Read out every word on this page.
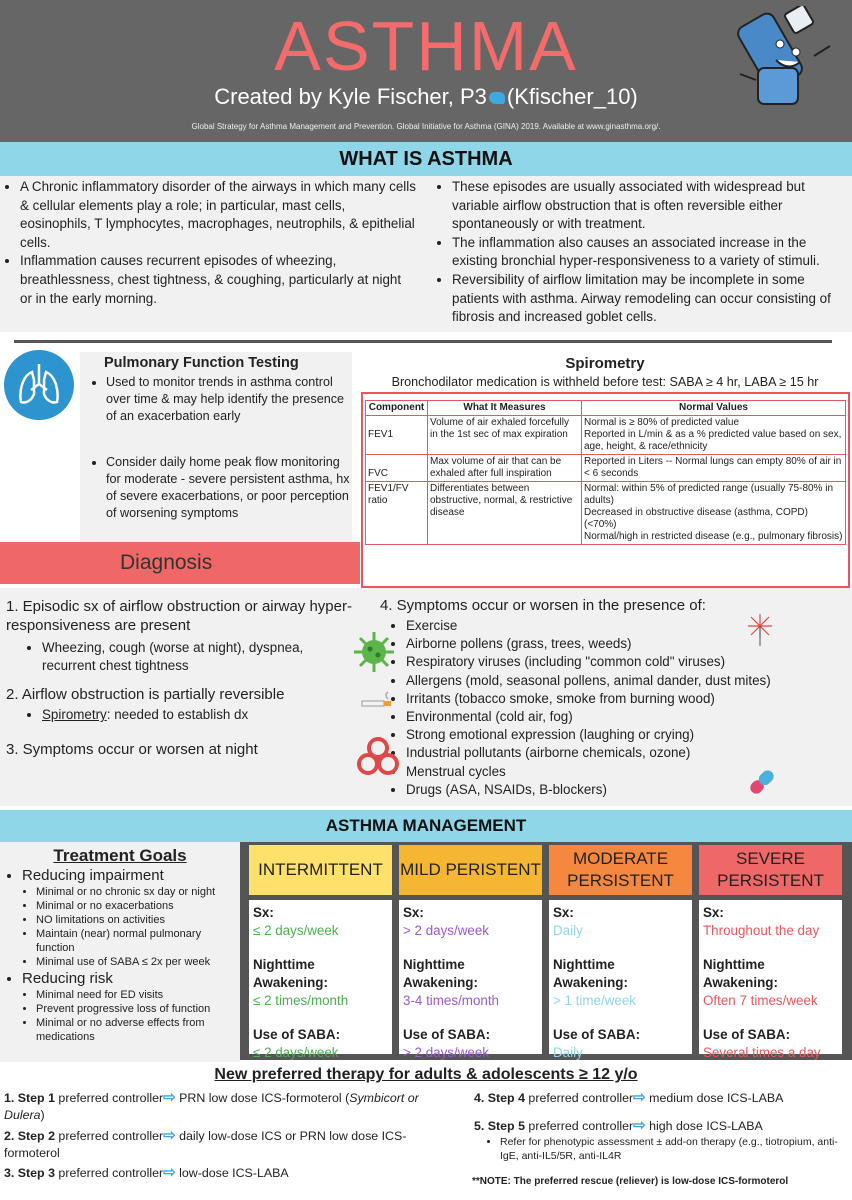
ASTHMA
Created by Kyle Fischer, P3 (Kfischer_10)
Global Strategy for Asthma Management and Prevention. Global Initiative for Asthma (GINA) 2019. Available at www.ginasthma.org/.
WHAT IS ASTHMA
• A Chronic inflammatory disorder of the airways in which many cells & cellular elements play a role; in particular, mast cells, eosinophils, T lymphocytes, macrophages, neutrophils, & epithelial cells.
• Inflammation causes recurrent episodes of wheezing, breathlessness, chest tightness, & coughing, particularly at night or in the early morning.
• These episodes are usually associated with widespread but variable airflow obstruction that is often reversible either spontaneously or with treatment.
• The inflammation also causes an associated increase in the existing bronchial hyper-responsiveness to a variety of stimuli.
• Reversibility of airflow limitation may be incomplete in some patients with asthma. Airway remodeling can occur consisting of fibrosis and increased goblet cells.
Pulmonary Function Testing
• Used to monitor trends in asthma control over time & may help identify the presence of an exacerbation early
• Consider daily home peak flow monitoring for moderate - severe persistent asthma, hx of severe exacerbations, or poor perception of worsening symptoms
Spirometry
Bronchodilator medication is withheld before test: SABA ≥ 4 hr, LABA ≥ 15 hr
Component	What It Measures	Normal Values
FEV1	Volume of air exhaled forcefully in the 1st sec of max expiration	Normal is ≥ 80% of predicted value
Reported in L/min & as a % predicted value based on sex, age, height, & race/ethnicity
FVC	Max volume of air that can be exhaled after full inspiration	Reported in Liters -- Normal lungs can empty 80% of air in < 6 seconds
FEV1/FV ratio	Differentiates between obstructive, normal, & restrictive disease	Normal: within 5% of predicted range (usually 75-80% in adults)
Decreased in obstructive disease (asthma, COPD) (<70%)
Normal/high in restricted disease (e.g., pulmonary fibrosis)
Diagnosis
1. Episodic sx of airflow obstruction or airway hyper-responsiveness are present
• Wheezing, cough (worse at night), dyspnea, recurrent chest tightness
2. Airflow obstruction is partially reversible
• Spirometry: needed to establish dx
3. Symptoms occur or worsen at night
4. Symptoms occur or worsen in the presence of:
• Exercise
• Airborne pollens (grass, trees, weeds)
• Respiratory viruses (including "common cold" viruses)
• Allergens (mold, seasonal pollens, animal dander, dust mites)
• Irritants (tobacco smoke, smoke from burning wood)
• Environmental (cold air, fog)
• Strong emotional expression (laughing or crying)
• Industrial pollutants (airborne chemicals, ozone)
• Menstrual cycles
• Drugs (ASA, NSAIDs, B-blockers)
ASTHMA MANAGEMENT
Treatment Goals
• Reducing impairment
• Minimal or no chronic sx day or night
• Minimal or no exacerbations
• NO limitations on activities
• Maintain (near) normal pulmonary function
• Minimal use of SABA ≤ 2x per week
• Reducing risk
• Minimal need for ED visits
• Prevent progressive loss of function
• Minimal or no adverse effects from medications
INTERMITTENT	MILD PERISTENT
MODERATE PERSISTENT
SEVERE PERSISTENT
Sx:
≤ 2 days/week
Nighttime Awakening:
≤ 2 times/month
Use of SABA:
≤ 2 days/week
Sx:
> 2 days/week
Nighttime Awakening:
3-4 times/month
Use of SABA:
> 2 days/week
Sx:
Daily
Nighttime Awakening:
> 1 time/week
Use of SABA:
Daily
Sx:
Throughout the day
Nighttime Awakening:
Often 7 times/week
Use of SABA:
Several times a day
New preferred therapy for adults & adolescents ≥ 12 y/o
1. Step 1 preferred controller⇨ PRN low dose ICS-formoterol (Symbicort or Dulera)
2. Step 2 preferred controller⇨ daily low-dose ICS or PRN low dose ICS-formoterol
3. Step 3 preferred controller⇨ low-dose ICS-LABA
4. Step 4 preferred controller⇨ medium dose ICS-LABA
5. Step 5 preferred controller⇨ high dose ICS-LABA
• Refer for phenotypic assessment ± add-on therapy (e.g., tiotropium, anti-IgE, anti-IL5/5R, anti-IL4R
**NOTE: The preferred rescue (reliever) is low-dose ICS-formoterol
